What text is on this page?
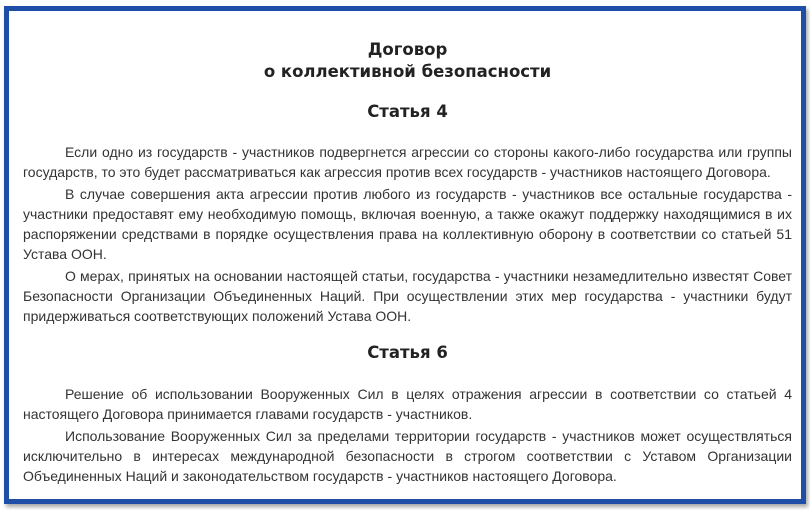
Договор
о коллективной безопасности
Статья 4

Если одно из государств - участников подвергнется агрессии со стороны какого-либо государства или группы государств, то это будет рассматриваться как агрессия против всех государств - участников настоящего Договора.

В случае совершения акта агрессии против любого из государств - участников все остальные государства - участники предоставят ему необходимую помощь, включая военную, а также окажут поддержку находящимися в их распоряжении средствами в порядке осуществления права на коллективную оборону в соответствии со статьей 51 Устава ООН.

О мерах, принятых на основании настоящей статьи, государства - участники незамедлительно известят Совет Безопасности Организации Объединенных Наций. При осуществлении этих мер государства - участники будут придерживаться соответствующих положений Устава ООН.

Статья 6

Решение об использовании Вооруженных Сил в целях отражения агрессии в соответствии со статьей 4 настоящего Договора принимается главами государств - участников.

Использование Вооруженных Сил за пределами территории государств - участников может осуществляться исключительно в интересах международной безопасности в строгом соответствии с Уставом Организации Объединенных Наций и законодательством государств - участников настоящего Договора.
